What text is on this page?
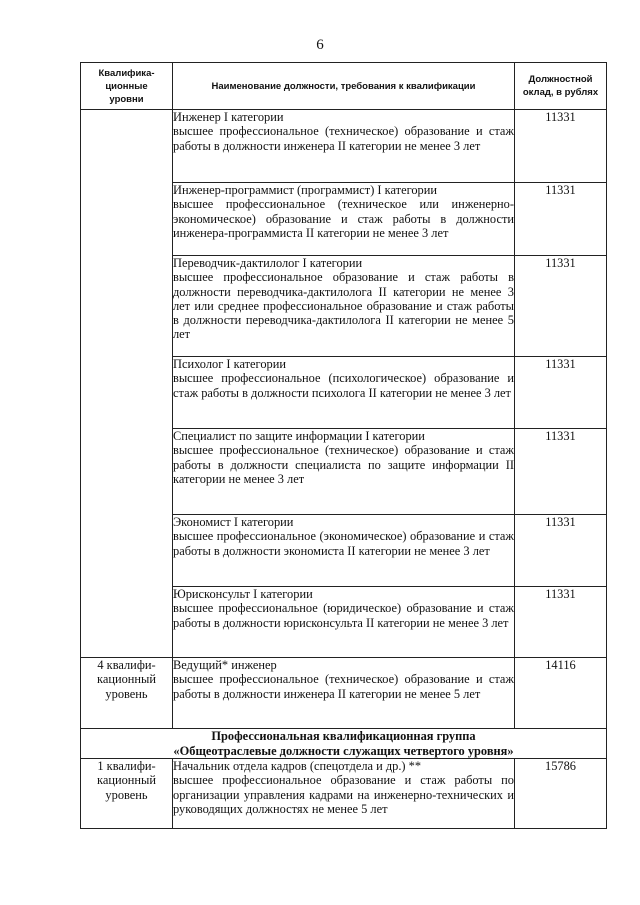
6
Квалифика-
ционные
уровни	Наименование должности, требования к квалификации	Должностной
оклад, в рублях
	Инженер I категории
высшее профессиональное (техническое) образование и стаж работы в должности инженера II категории не менее 3 лет	11331
	Инженер-программист (программист) I категории
высшее профессиональное (техническое или инженерно-экономическое) образование и стаж работы в должности инженера-программиста II категории не менее 3 лет	11331
	Переводчик-дактилолог I категории
высшее профессиональное образование и стаж работы в должности переводчика-дактилолога II категории не менее 3 лет или среднее профессиональное образование и стаж работы в должности переводчика-дактилолога II категории не менее 5 лет	11331
	Психолог I категории
высшее профессиональное (психологическое) образование и стаж работы в должности психолога II категории не менее 3 лет	11331
	Специалист по защите информации I категории
высшее профессиональное (техническое) образование и стаж работы в должности специалиста по защите информации II категории не менее 3 лет	11331
	Экономист I категории
высшее профессиональное (экономическое) образование и стаж работы в должности экономиста II категории не менее 3 лет	11331
	Юрисконсульт I категории
высшее профессиональное (юридическое) образование и стаж работы в должности юрисконсульта II категории не менее 3 лет	11331
4 квалифи-
кационный
уровень	Ведущий* инженер
высшее профессиональное (техническое) образование и стаж работы в должности инженера II категории не менее 5 лет	14116
Профессиональная квалификационная группа
«Общеотраслевые должности служащих четвертого уровня»		
1 квалифи-
кационный
уровень	Начальник отдела кадров (спецотдела и др.) **
высшее профессиональное образование и стаж работы по организации управления кадрами на инженерно-технических и руководящих должностях не менее 5 лет	15786
